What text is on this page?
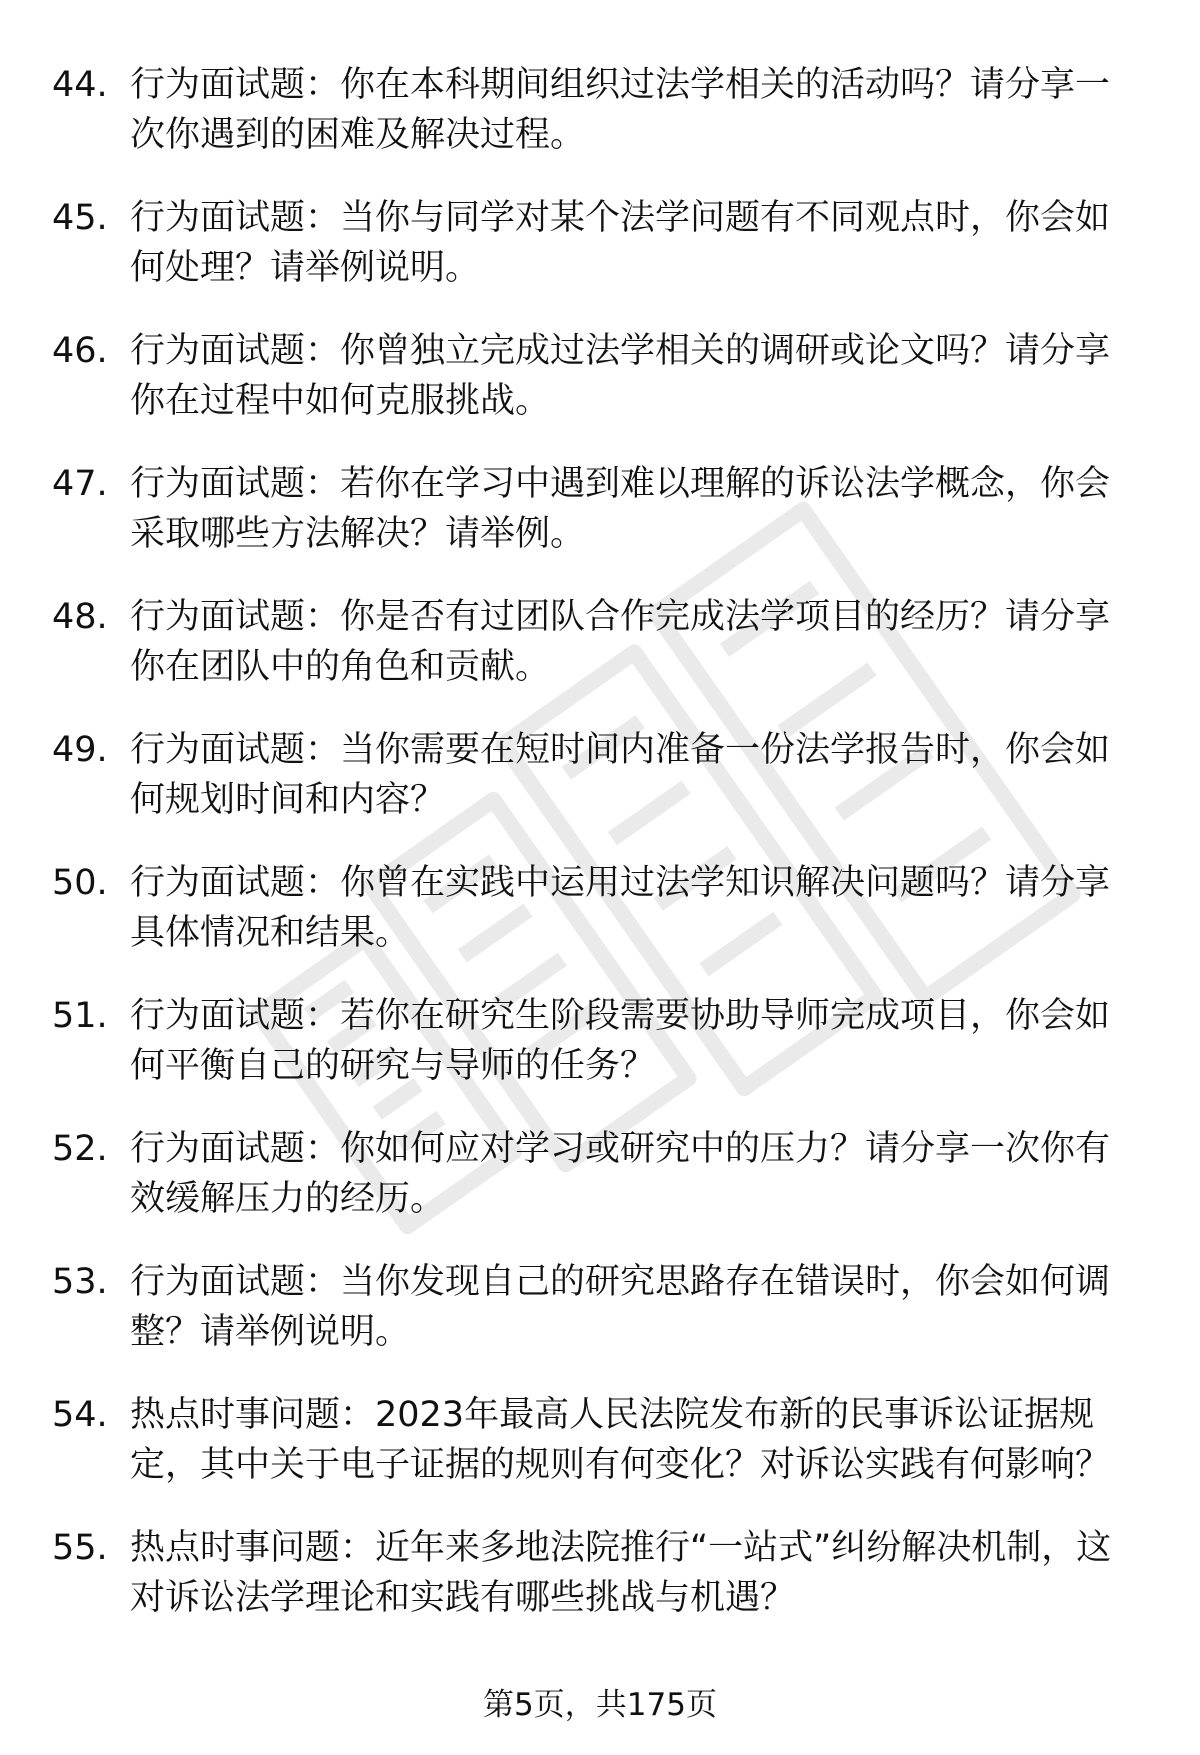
44. 行为面试题：你在本科期间组织过法学相关的活动吗？请分享一次你遇到的困难及解决过程。
45. 行为面试题：当你与同学对某个法学问题有不同观点时，你会如何处理？请举例说明。
46. 行为面试题：你曾独立完成过法学相关的调研或论文吗？请分享你在过程中如何克服挑战。
47. 行为面试题：若你在学习中遇到难以理解的诉讼法学概念，你会采取哪些方法解决？请举例。
48. 行为面试题：你是否有过团队合作完成法学项目的经历？请分享你在团队中的角色和贡献。
49. 行为面试题：当你需要在短时间内准备一份法学报告时，你会如何规划时间和内容？
50. 行为面试题：你曾在实践中运用过法学知识解决问题吗？请分享具体情况和结果。
51. 行为面试题：若你在研究生阶段需要协助导师完成项目，你会如何平衡自己的研究与导师的任务？
52. 行为面试题：你如何应对学习或研究中的压力？请分享一次你有效缓解压力的经历。
53. 行为面试题：当你发现自己的研究思路存在错误时，你会如何调整？请举例说明。
54. 热点时事问题：2023年最高人民法院发布新的民事诉讼证据规定，其中关于电子证据的规则有何变化？对诉讼实践有何影响？
55. 热点时事问题：近年来多地法院推行“一站式”纠纷解决机制，这对诉讼法学理论和实践有哪些挑战与机遇？
第5页，共175页
